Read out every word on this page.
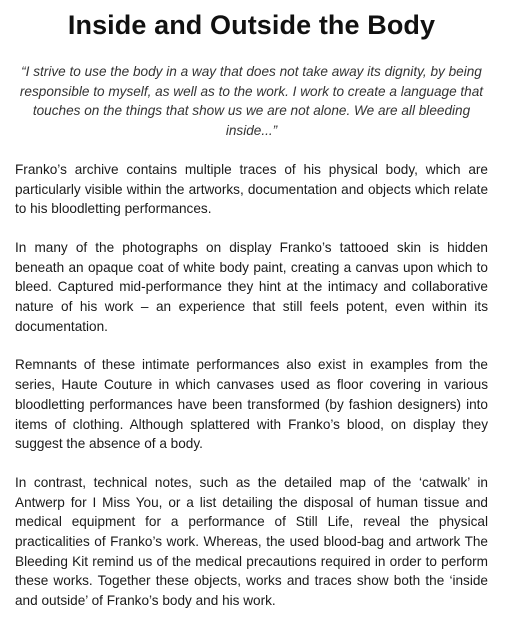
Inside and Outside the Body

“I strive to use the body in a way that does not take away its dignity, by being responsible to myself, as well as to the work. I work to create a language that touches on the things that show us we are not alone. We are all bleeding inside...”

Franko’s archive contains multiple traces of his physical body, which are particularly visible within the artworks, documentation and objects which relate to his bloodletting performances.

In many of the photographs on display Franko’s tattooed skin is hidden beneath an opaque coat of white body paint, creating a canvas upon which to bleed. Captured mid-performance they hint at the intimacy and collaborative nature of his work – an experience that still feels potent, even within its documentation.

Remnants of these intimate performances also exist in examples from the series, Haute Couture in which canvases used as floor covering in various bloodletting performances have been transformed (by fashion designers) into items of clothing. Although splattered with Franko’s blood, on display they suggest the absence of a body.

In contrast, technical notes, such as the detailed map of the ‘catwalk’ in Antwerp for I Miss You, or a list detailing the disposal of human tissue and medical equipment for a performance of Still Life, reveal the physical practicalities of Franko’s work. Whereas, the used blood-bag and artwork The Bleeding Kit remind us of the medical precautions required in order to perform these works. Together these objects, works and traces show both the ‘inside and outside’ of Franko’s body and his work.
